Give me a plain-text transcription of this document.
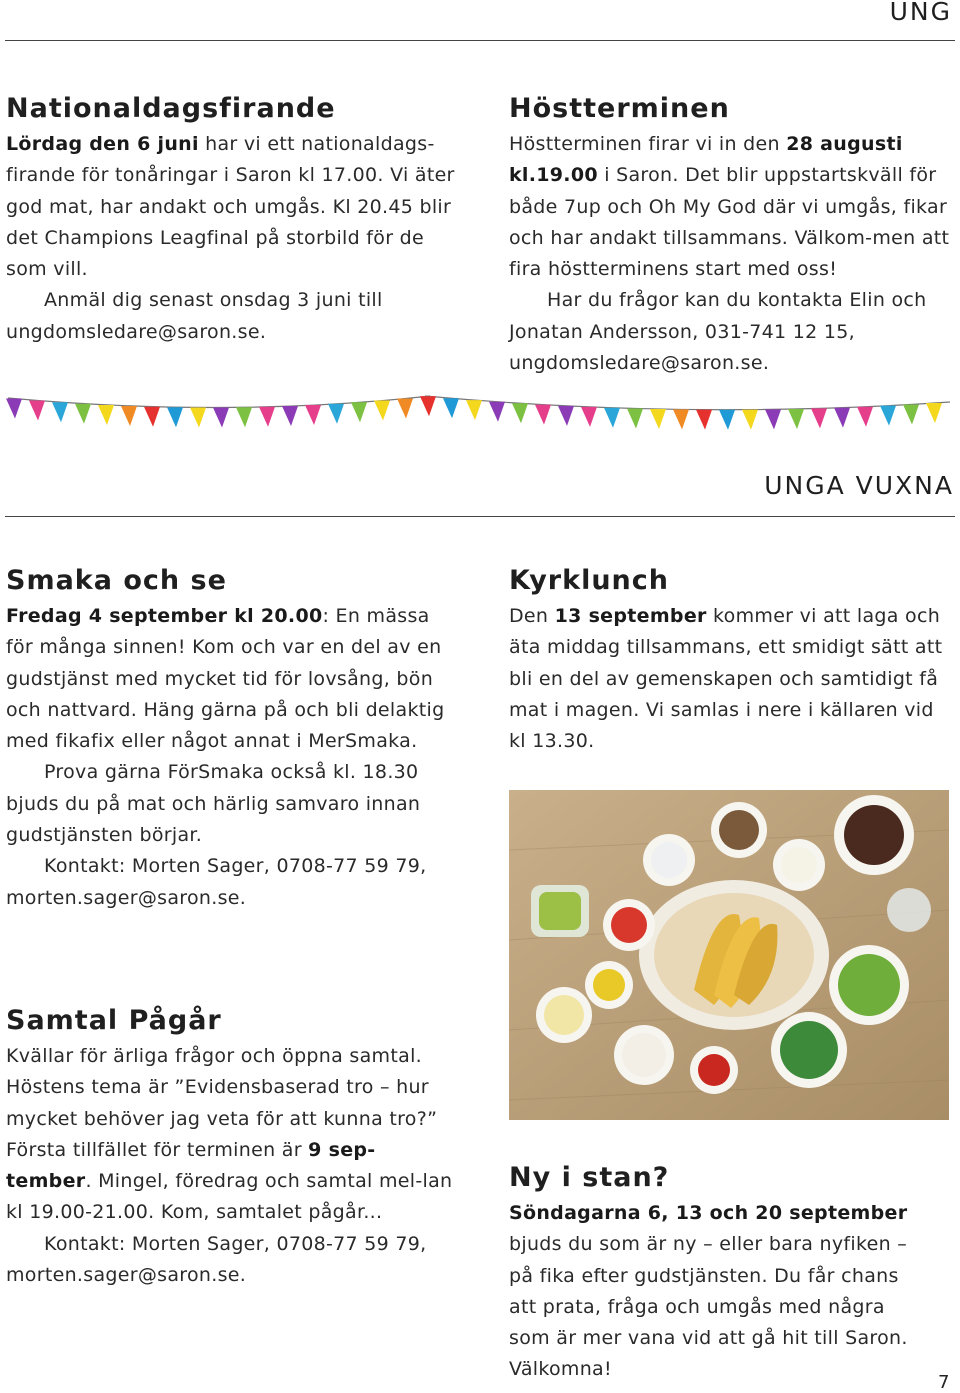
UNG
Nationaldagsfirande

Lördag den 6 juni har vi ett nationaldags-firande för tonåringar i Saron kl 17.00. Vi äter god mat, har andakt och umgås. Kl 20.45 blir det Champions Leagfinal på storbild för de som vill.

Anmäl dig senast onsdag 3 juni till ungdomsledare@saron.se.

Höstterminen

Höstterminen firar vi in den 28 augusti kl.19.00 i Saron. Det blir uppstartskväll för både 7up och Oh My God där vi umgås, fikar och har andakt tillsammans. Välkom-men att fira höstterminens start med oss!

Har du frågor kan du kontakta Elin och Jonatan Andersson, 031-741 12 15, ungdomsledare@saron.se.

UNGA VUXNA
Smaka och se

Fredag 4 september kl 20.00: En mässa för många sinnen! Kom och var en del av en gudstjänst med mycket tid för lovsång, bön och nattvard. Häng gärna på och bli delaktig med fikafix eller något annat i MerSmaka.

Prova gärna FörSmaka också kl. 18.30 bjuds du på mat och härlig samvaro innan gudstjänsten börjar.

Kontakt: Morten Sager, 0708-77 59 79, morten.sager@saron.se.

Kyrklunch

Den 13 september kommer vi att laga och äta middag tillsammans, ett smidigt sätt att bli en del av gemenskapen och samtidigt få mat i magen. Vi samlas i nere i källaren vid kl 13.30.

Samtal Pågår

Kvällar för ärliga frågor och öppna samtal. Höstens tema är ”Evidensbaserad tro – hur mycket behöver jag veta för att kunna tro?” Första tillfället för terminen är 9 sep-tember. Mingel, föredrag och samtal mel-lan kl 19.00-21.00. Kom, samtalet pågår...

Kontakt: Morten Sager, 0708-77 59 79, morten.sager@saron.se.

Ny i stan?

Söndagarna 6, 13 och 20 september

bjuds du som är ny – eller bara nyfiken – på fika efter gudstjänsten. Du får chans att prata, fråga och umgås med några som är mer vana vid att gå hit till Saron. Välkomna!

7
